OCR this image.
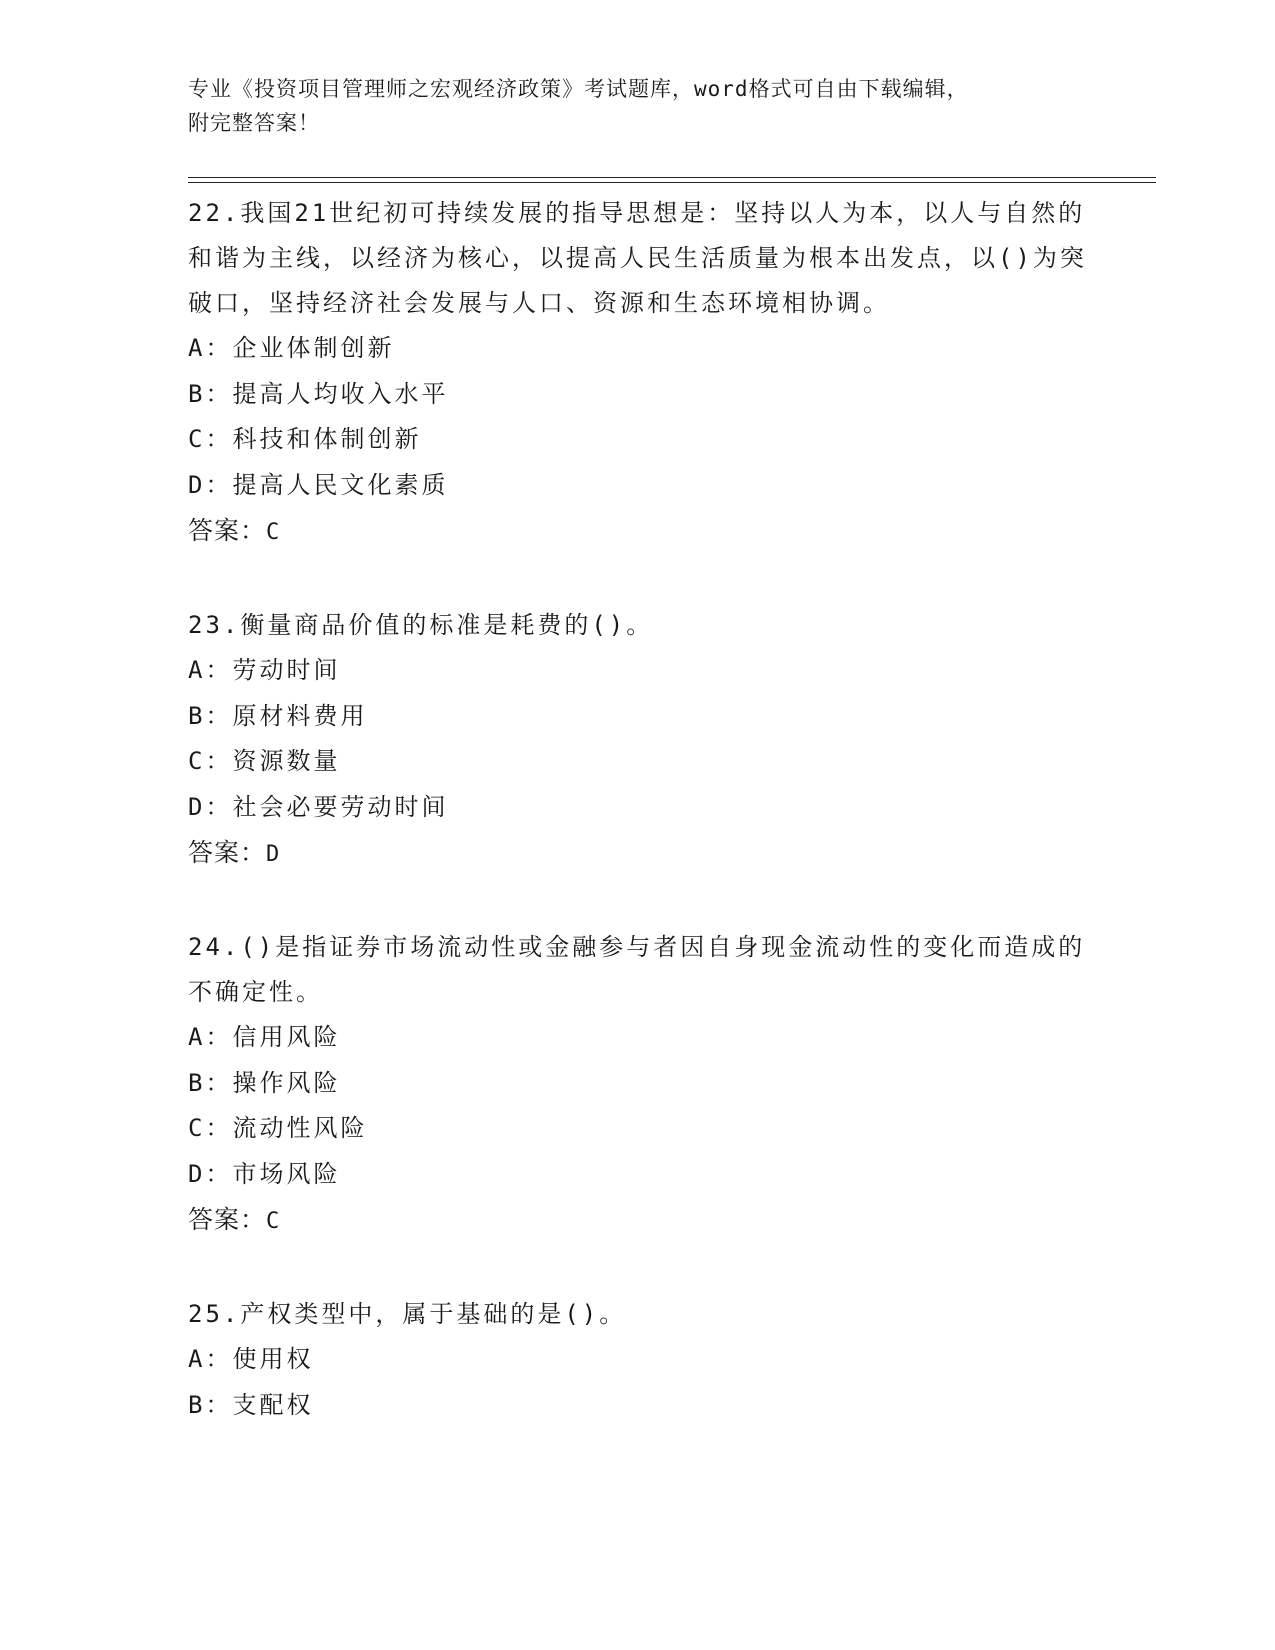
专业《投资项目管理师之宏观经济政策》考试题库，word格式可自由下载编辑，
附完整答案！
22.我国21世纪初可持续发展的指导思想是：坚持以人为本，以人与自然的和谐为主线，以经济为核心，以提高人民生活质量为根本出发点，以()为突破口，坚持经济社会发展与人口、资源和生态环境相协调。
A：企业体制创新
B：提高人均收入水平
C：科技和体制创新
D：提高人民文化素质
答案：C
23.衡量商品价值的标准是耗费的()。
A：劳动时间
B：原材料费用
C：资源数量
D：社会必要劳动时间
答案：D
24.()是指证券市场流动性或金融参与者因自身现金流动性的变化而造成的不确定性。
A：信用风险
B：操作风险
C：流动性风险
D：市场风险
答案：C
25.产权类型中，属于基础的是()。
A：使用权
B：支配权
